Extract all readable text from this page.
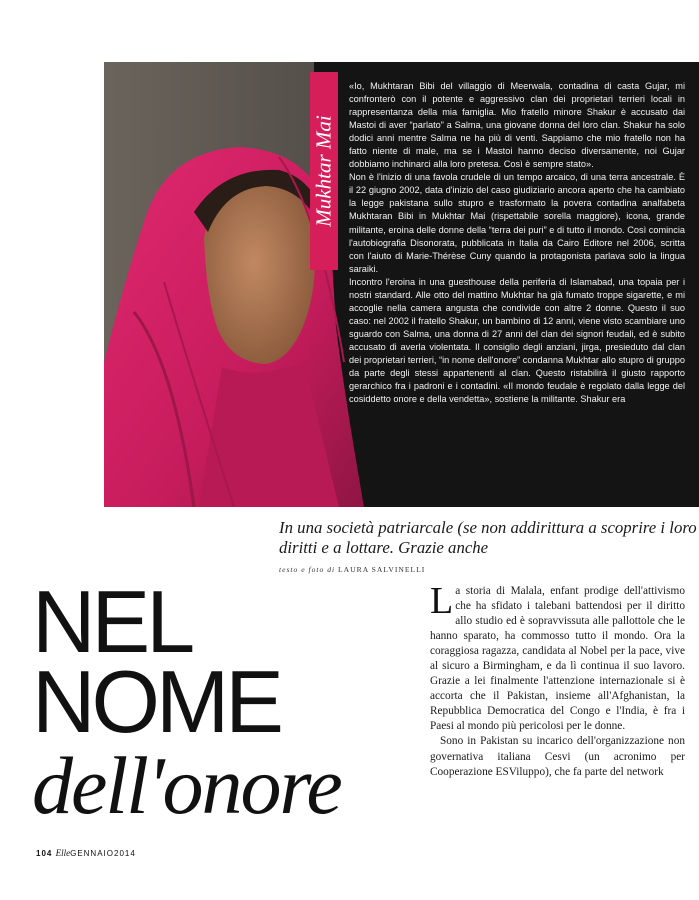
Mukhtar Mai

«Io, Mukhtaran Bibi del villaggio di Meerwala, contadina di casta Gujar, mi confronterò con il potente e aggressivo clan dei proprietari terrieri locali in rappresentanza della mia famiglia. Mio fratello minore Shakur è accusato dai Mastoi di aver “parlato” a Salma, una giovane donna del loro clan. Shakur ha solo dodici anni mentre Salma ne ha più di venti. Sappiamo che mio fratello non ha fatto niente di male, ma se i Mastoi hanno deciso diversamente, noi Gujar dobbiamo inchinarci alla loro pretesa. Così è sempre stato».

Non è l'inizio di una favola crudele di un tempo arcaico, di una terra ancestrale. È il 22 giugno 2002, data d'inizio del caso giudiziario ancora aperto che ha cambiato la legge pakistana sullo stupro e trasformato la povera contadina analfabeta Mukhtaran Bibi in Mukhtar Mai (rispettabile sorella maggiore), icona, grande militante, eroina delle donne della “terra dei puri” e di tutto il mondo. Così comincia l'autobiografia Disonorata, pubblicata in Italia da Cairo Editore nel 2006, scritta con l'aiuto di Marie-Thérèse Cuny quando la protagonista parlava solo la lingua saraiki.

Incontro l'eroina in una guesthouse della periferia di Islamabad, una topaia per i nostri standard. Alle otto del mattino Mukhtar ha già fumato troppe sigarette, e mi accoglie nella camera angusta che condivide con altre 2 donne. Questo il suo caso: nel 2002 il fratello Shakur, un bambino di 12 anni, viene visto scambiare uno sguardo con Salma, una donna di 27 anni del clan dei signori feudali, ed è subito accusato di averla violentata. Il consiglio degli anziani, jirga, presieduto dal clan dei proprietari terrieri, “in nome dell'onore” condanna Mukhtar allo stupro di gruppo da parte degli stessi appartenenti al clan. Questo ristabilirà il giusto rapporto gerarchico fra i padroni e i contadini. «Il mondo feudale è regolato dalla legge del cosiddetto onore e della vendetta», sostiene la militante. Shakur era

In una società patriarcale (se non addirittura a scoprire i loro diritti e a lottare. Grazie anche

testo e foto di LAURA SALVINELLI
NEL
NOME
dell'onore

La storia di Malala, enfant prodige dell'attivismo che ha sfidato i talebani battendosi per il diritto allo studio ed è sopravvissuta alle pallottole che le hanno sparato, ha commosso tutto il mondo. Ora la coraggiosa ragazza, candidata al Nobel per la pace, vive al sicuro a Birmingham, e da lì continua il suo lavoro. Grazie a lei finalmente l'attenzione internazionale si è accorta che il Pakistan, insieme all'Afghanistan, la Repubblica Democratica del Congo e l'India, è fra i Paesi al mondo più pericolosi per le donne.

Sono in Pakistan su incarico dell'organizzazione non governativa italiana Cesvi (un acronimo per Cooperazione ESViluppo), che fa parte del network

104 ElleGENNAIO2014
